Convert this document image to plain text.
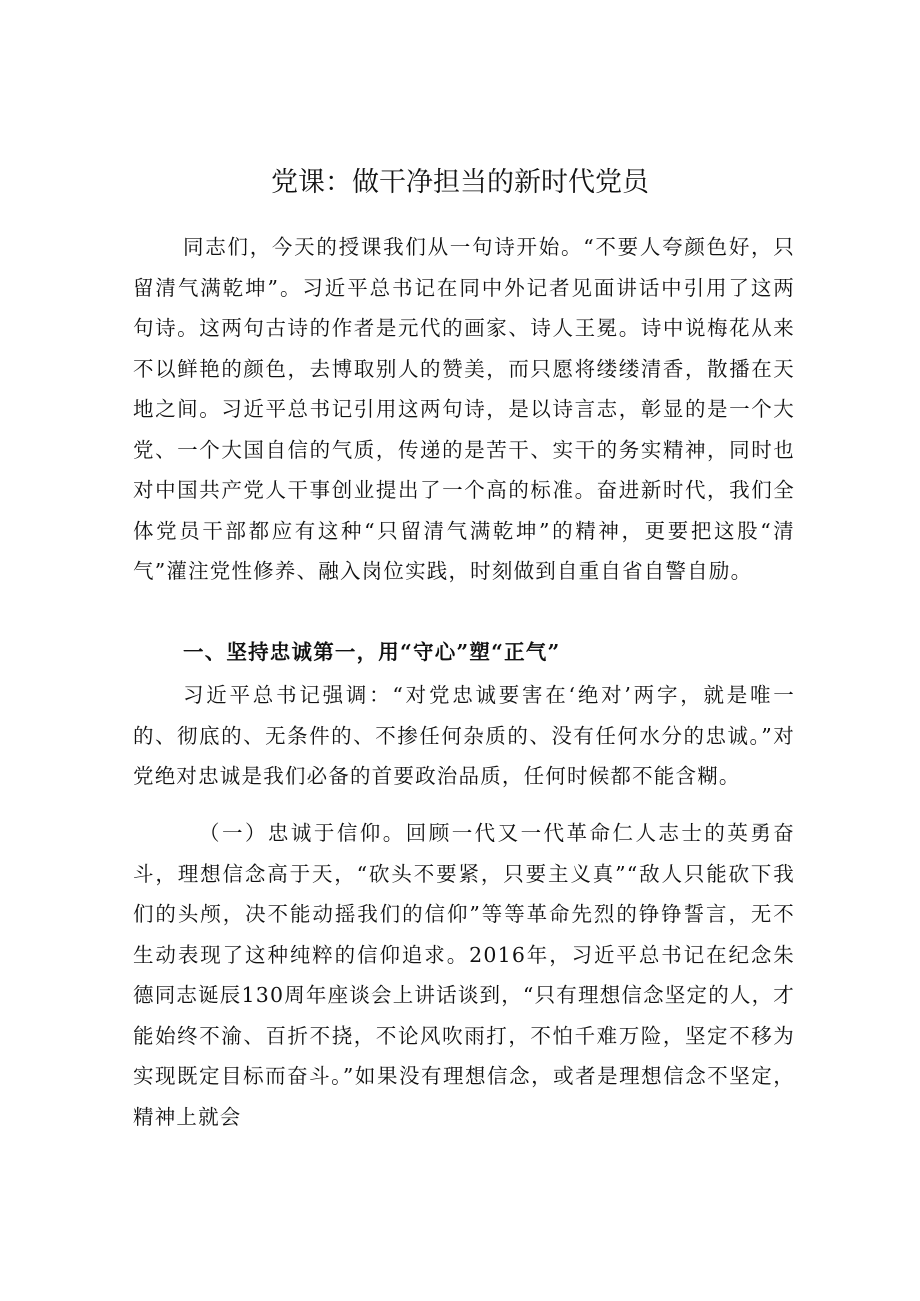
党课：做干净担当的新时代党员

同志们，今天的授课我们从一句诗开始。“不要人夸颜色好，只留清气满乾坤”。习近平总书记在同中外记者见面讲话中引用了这两句诗。这两句古诗的作者是元代的画家、诗人王冕。诗中说梅花从来不以鲜艳的颜色，去博取别人的赞美，而只愿将缕缕清香，散播在天地之间。习近平总书记引用这两句诗，是以诗言志，彰显的是一个大党、一个大国自信的气质，传递的是苦干、实干的务实精神，同时也对中国共产党人干事创业提出了一个高的标准。奋进新时代，我们全体党员干部都应有这种“只留清气满乾坤”的精神，更要把这股“清气”灌注党性修养、融入岗位实践，时刻做到自重自省自警自励。

一、坚持忠诚第一，用“守心”塑“正气”

习近平总书记强调：“对党忠诚要害在‘绝对’两字，就是唯一的、彻底的、无条件的、不掺任何杂质的、没有任何水分的忠诚。”对党绝对忠诚是我们必备的首要政治品质，任何时候都不能含糊。

（一）忠诚于信仰。回顾一代又一代革命仁人志士的英勇奋斗，理想信念高于天，“砍头不要紧，只要主义真”“敌人只能砍下我们的头颅，决不能动摇我们的信仰”等等革命先烈的铮铮誓言，无不生动表现了这种纯粹的信仰追求。2016年，习近平总书记在纪念朱德同志诞辰130周年座谈会上讲话谈到，“只有理想信念坚定的人，才能始终不渝、百折不挠，不论风吹雨打，不怕千难万险，坚定不移为实现既定目标而奋斗。”如果没有理想信念，或者是理想信念不坚定，精神上就会
